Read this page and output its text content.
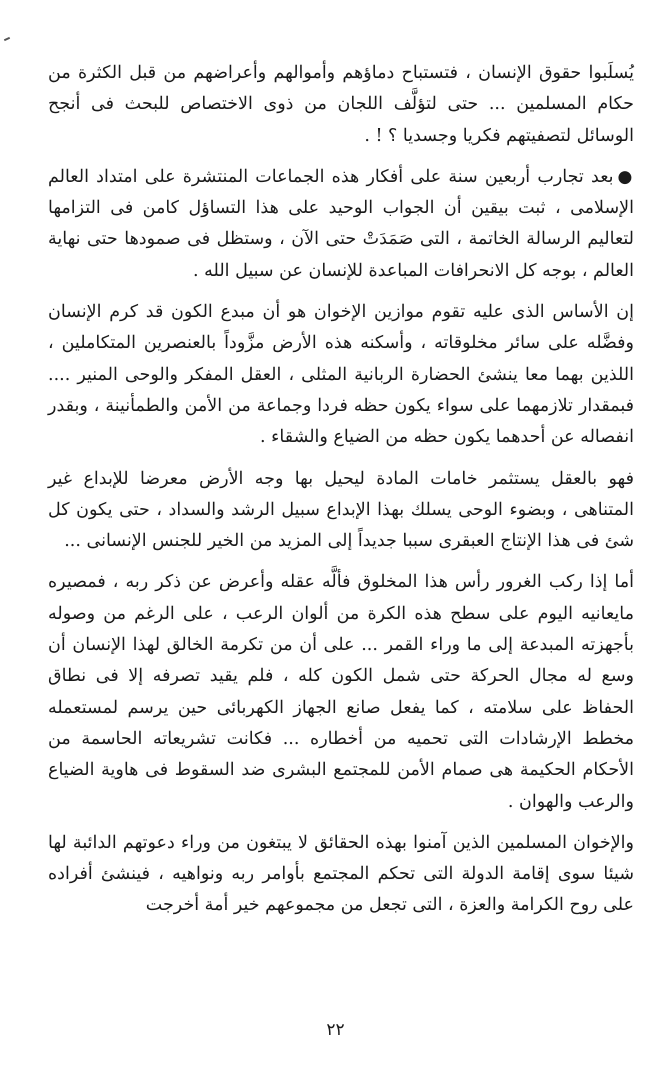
يُسلَبوا حقوق الإنسان ، فتستباح دماؤهم وأموالهم وأعراضهم من قبل الكثرة من حكام المسلمين ... حتى لتؤلَّف اللجان من ذوى الاختصاص للبحث فى أنجح الوسائل لتصفيتهم فكريا وجسديا ؟ ! .

●بعد تجارب أربعين سنة على أفكار هذه الجماعات المنتشرة على امتداد العالم الإسلامى ، ثبت بيقين أن الجواب الوحيد على هذا التساؤل كامن فى التزامها لتعاليم الرسالة الخاتمة ، التى صَمَدَتْ حتى الآن ، وستظل فى صمودها حتى نهاية العالم ، بوجه كل الانحرافات المباعدة للإنسان عن سبيل الله .

إن الأساس الذى عليه تقوم موازين الإخوان هو أن مبدع الكون قد كرم الإنسان وفضَّله على سائر مخلوقاته ، وأسكنه هذه الأرض مزَّوداً بالعنصرين المتكاملين ، اللذين بهما معا ينشئ الحضارة الربانية المثلى ، العقل المفكر والوحى المنير .... فبمقدار تلازمهما على سواء يكون حظه فردا وجماعة من الأمن والطمأنينة ، وبقدر انفصاله عن أحدهما يكون حظه من الضياع والشقاء .

فهو بالعقل يستثمر خامات المادة ليحيل بها وجه الأرض معرضا للإبداع غير المتناهى ، وبضوء الوحى يسلك بهذا الإبداع سبيل الرشد والسداد ، حتى يكون كل شئ فى هذا الإنتاج العبقرى سببا جديداً إلى المزيد من الخير للجنس الإنسانى ...

أما إذا ركب الغرور رأس هذا المخلوق فألَّه عقله وأعرض عن ذكر ربه ، فمصيره مايعانيه اليوم على سطح هذه الكرة من ألوان الرعب ، على الرغم من وصوله بأجهزته المبدعة إلى ما وراء القمر ... على أن من تكرمة الخالق لهذا الإنسان أن وسع له مجال الحركة حتى شمل الكون كله ، فلم يقيد تصرفه إلا فى نطاق الحفاظ على سلامته ، كما يفعل صانع الجهاز الكهربائى حين يرسم لمستعمله مخطط الإرشادات التى تحميه من أخطاره ... فكانت تشريعاته الحاسمة من الأحكام الحكيمة هى صمام الأمن للمجتمع البشرى ضد السقوط فى هاوية الضياع والرعب والهوان .

والإخوان المسلمين الذين آمنوا بهذه الحقائق لا يبتغون من وراء دعوتهم الدائبة لها شيئا سوى إقامة الدولة التى تحكم المجتمع بأوامر ربه ونواهيه ، فينشئ أفراده على روح الكرامة والعزة ، التى تجعل من مجموعهم خير أمة أخرجت

٢٢
